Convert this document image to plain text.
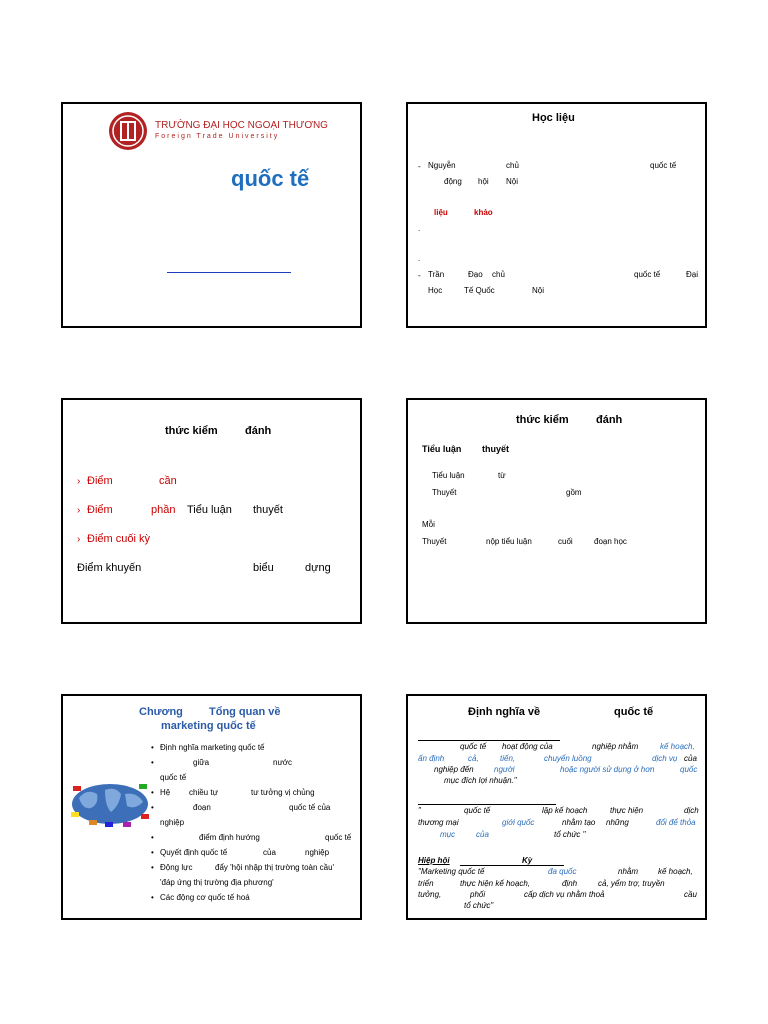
TRƯỜNG ĐẠI HỌC NGOẠI THƯƠNG
Foreign Trade University
quốc tế
Học liệu
- Nguyễn	chủ	quốc tế
động hội Nội
liệu	khảo
.
.
- Trần	Đạo chủ	quốc tế	Đại
Học	Tế Quốc	Nội
thức kiểm đánh
› Điểm	cần
› Điểm	phần Tiểu luận thuyết
› Điểm cuối kỳ
Điểm khuyến	biểu	dựng
thức kiểm đánh
Tiểu luận thuyết
Tiểu luận	từ
Thuyết	gồm
Mỗi
Thuyết	nộp tiểu luận	cuối	đoạn học
Chương Tổng quan về
marketing quốc tế
• Định nghĩa marketing quốc tế
•	giữa	nước
quốc tế
• Hệ chiều tự	tư tưởng vị chủng
•	đoạn	quốc tế của
nghiệp
•	điểm định hướng	quốc tế
• Quyết định quốc tế	của	nghiệp
• Động lực	đẩy 'hội nhập thị trường toàn cầu'
'đáp ứng thị trường địa phương'
• Các động cơ quốc tế hoá
Định nghĩa về	quốc tế
quốc tế hoạt động của	nghiệp nhằm	kế hoạch,
ấn định	cả,	tiến,	chuyển luồng	dịch vụ của
nghiệp đến	người	hoặc người sử dụng ở hơn	quốc
mục đích lợi nhuận."
"	quốc tế	lập kế hoạch	thực hiện	dịch
thương mại	giới quốc	nhằm tạo những	đổi để thỏa
mục	của	tổ chức "
Hiệp hội	Kỳ
"Marketing quốc tế	đa quốc	nhằm kế hoạch,
triển	thực hiện kế hoạch,	định	cả, yểm trợ, truyền
tưởng,	phối	cấp dịch vụ nhằm thoả	cầu
tổ chức"
